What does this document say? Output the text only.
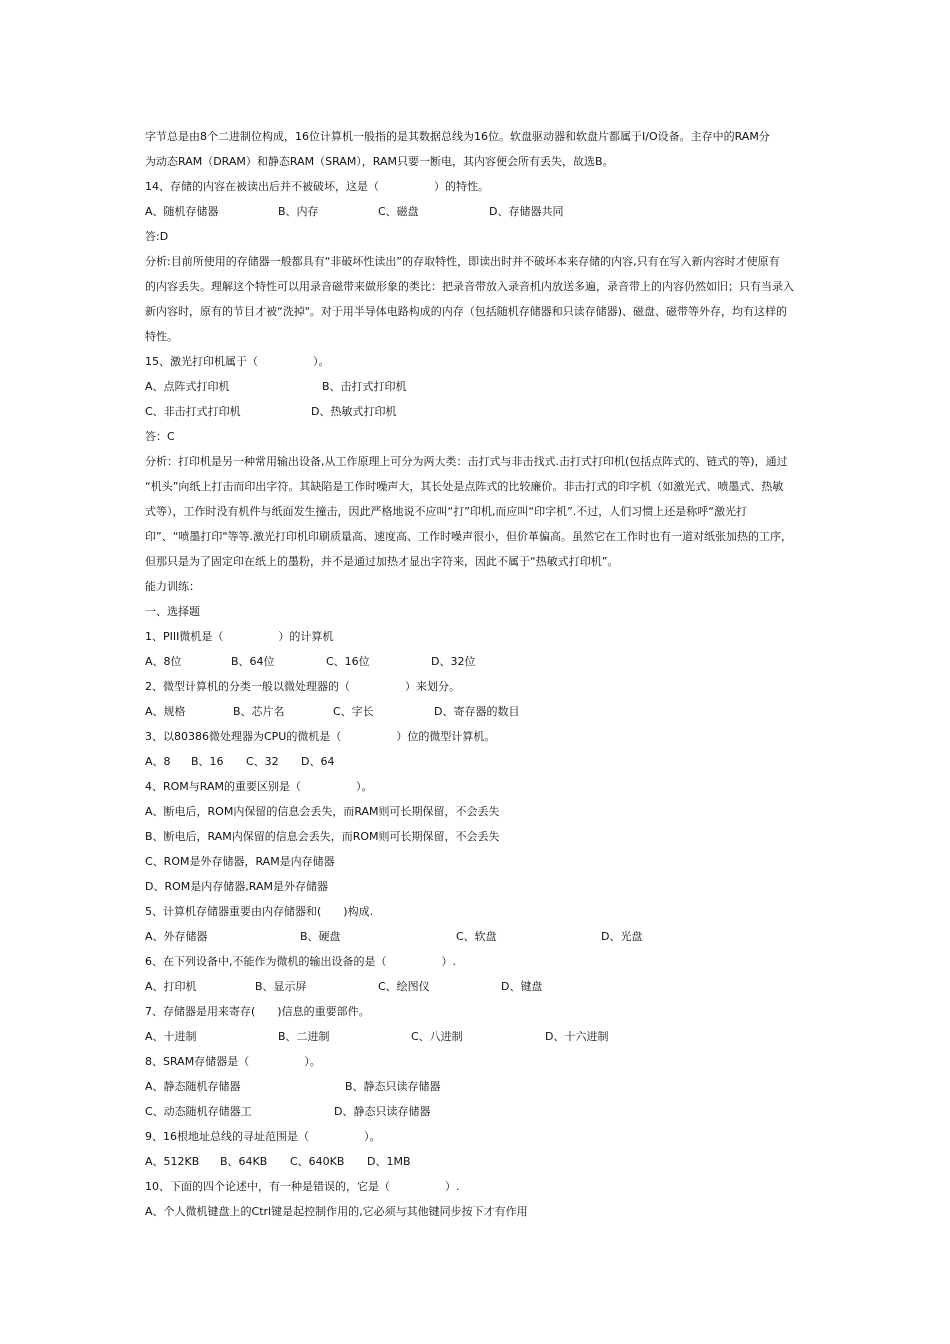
字节总是由8个二进制位构成，16位计算机一般指的是其数据总线为16位。软盘驱动器和软盘片都属于I/O设备。主存中的RAM分
为动态RAM（DRAM）和静态RAM（SRAM），RAM只要一断电，其内容便会所有丢失，故选B。
14、存储的内容在被读出后并不被破坏，这是（　　　　　）的特性。
A、随机存储器	B、内存	C、磁盘	D、存储器共同
答:D
分析:目前所使用的存储器一般都具有“非破坏性读出”的存取特性，即读出时并不破坏本来存储的内容,只有在写入新内容时才使原有
的内容丢失。理解这个特性可以用录音磁带来做形象的类比：把录音带放入录音机内放送多遍，录音带上的内容仍然如旧；只有当录入
新内容时，原有的节目才被“洗掉"。对于用半导体电路构成的内存（包括随机存储器和只读存储器)、磁盘、磁带等外存，均有这样的
特性。
15、激光打印机属于（　　　　　）。
A、点阵式打印机	B、击打式打印机
C、非击打式打印机	D、热敏式打印机
答：C
分析：打印机是另一种常用输出设备,从工作原理上可分为两大类：击打式与非击找式.击打式打印机(包括点阵式的、链式的等)，通过
“机头”向纸上打击而印出字符。其缺陷是工作时噪声大，其长处是点阵式的比较廉价。非击打式的印字机（如激光式、喷墨式、热敏
式等），工作时没有机件与纸面发生撞击，因此严格地说不应叫“打”印机,而应叫“印字机”.不过，人们习惯上还是称呼“激光打
印”、“喷墨打印"等等.激光打印机印刷质量高、速度高、工作时噪声很小，但价革偏高。虽然它在工作时也有一道对纸张加热的工序，
但那只是为了固定印在纸上的墨粉，并不是通过加热才显出字符来，因此不属于“热敏式打印机”。
能力训练：
一、选择题
1、PIII微机是（　　　　　）的计算机
A、8位	B、64位	C、16位	D、32位
2、微型计算机的分类一般以微处理器的（　　　　　）来划分。
A、规格	B、芯片名	C、字长	D、寄存器的数目
3、以80386微处理器为CPU的微机是（　　　　　）位的微型计算机。
A、8 B、16 C、32 D、64
4、ROM与RAM的重要区别是（　　　　　）。
A、断电后，ROM内保留的信息会丢失，而RAM则可长期保留，不会丢失
B、断电后，RAM内保留的信息会丢失，而ROM则可长期保留，不会丢失
C、ROM是外存储器，RAM是内存储器
D、ROM是内存储器,RAM是外存储器
5、计算机存储器重要由内存储器和(　　)构成.
A、外存储器	B、硬盘	C、软盘	D、光盘
6、在下列设备中,不能作为微机的输出设备的是（　　　　　）.
A、打印机	B、显示屏	C、绘图仪	D、键盘
7、存储器是用来寄存(　　)信息的重要部件。
A、十进制	B、二进制	C、八进制	D、十六进制
8、SRAM存储器是（　　　　　）。
A、静态随机存储器	B、静态只读存储器
C、动态随机存储器工	D、静态只读存储器
9、16根地址总线的寻址范围是（　　　　　）。
A、512KB B、64KB C、640KB D、1MB
10、下面的四个论述中，有一种是错误的，它是（　　　　　）.
A、个人微机键盘上的Ctrl键是起控制作用的,它必须与其他键同步按下才有作用
